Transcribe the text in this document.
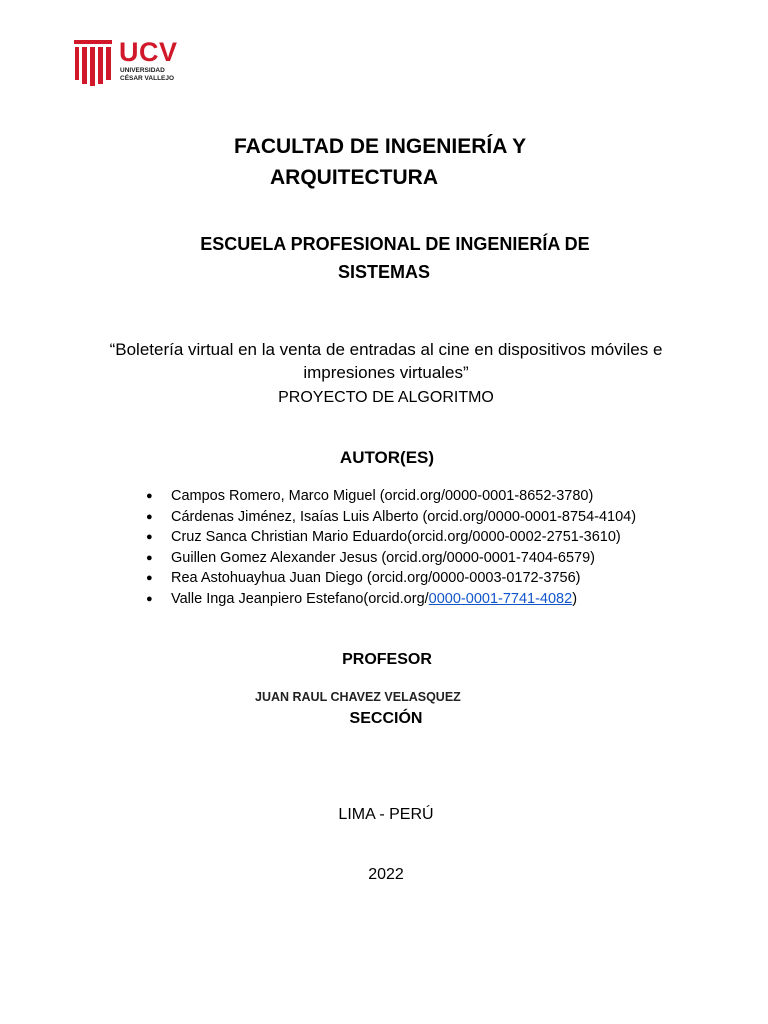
UCV
UNIVERSIDAD
CÉSAR VALLEJO
FACULTAD DE INGENIERÍA Y
ARQUITECTURA
ESCUELA PROFESIONAL DE INGENIERÍA DE
SISTEMAS
“Boletería virtual en la venta de entradas al cine en dispositivos móviles e
impresiones virtuales”
PROYECTO DE ALGORITMO
AUTOR(ES)
● Campos Romero, Marco Miguel (orcid.org/0000-0001-8652-3780)
● Cárdenas Jiménez, Isaías Luis Alberto (orcid.org/0000-0001-8754-4104)
● Cruz Sanca Christian Mario Eduardo(orcid.org/0000-0002-2751-3610)
● Guillen Gomez Alexander Jesus (orcid.org/0000-0001-7404-6579)
● Rea Astohuayhua Juan Diego (orcid.org/0000-0003-0172-3756)
● Valle Inga Jeanpiero Estefano(orcid.org/0000-0001-7741-4082)
PROFESOR
JUAN RAUL CHAVEZ VELASQUEZ
SECCIÓN
LIMA - PERÚ
2022
